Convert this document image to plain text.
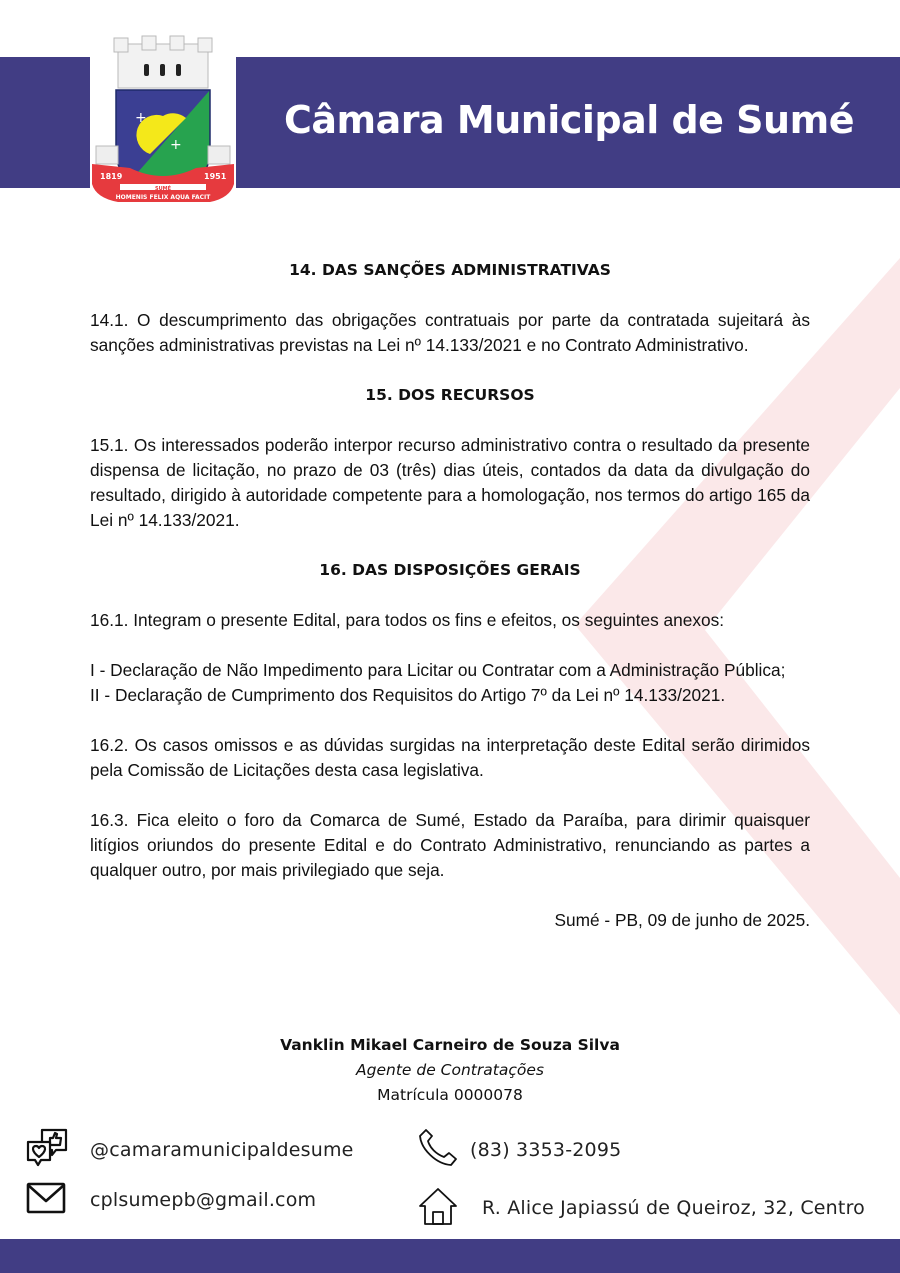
+
+
1819	1951
SUMÉ
HOMENIS FELIX AQUA FACIT
Câmara Municipal de Sumé
14. DAS SANÇÕES ADMINISTRATIVAS

14.1. O descumprimento das obrigações contratuais por parte da contratada sujeitará às sanções administrativas previstas na Lei nº 14.133/2021 e no Contrato Administrativo.

15. DOS RECURSOS

15.1. Os interessados poderão interpor recurso administrativo contra o resultado da presente dispensa de licitação, no prazo de 03 (três) dias úteis, contados da data da divulgação do resultado, dirigido à autoridade competente para a homologação, nos termos do artigo 165 da Lei nº 14.133/2021.

16. DAS DISPOSIÇÕES GERAIS

16.1. Integram o presente Edital, para todos os fins e efeitos, os seguintes anexos:

I - Declaração de Não Impedimento para Licitar ou Contratar com a Administração Pública;

II - Declaração de Cumprimento dos Requisitos do Artigo 7º da Lei nº 14.133/2021.

16.2. Os casos omissos e as dúvidas surgidas na interpretação deste Edital serão dirimidos pela Comissão de Licitações desta casa legislativa.

16.3. Fica eleito o foro da Comarca de Sumé, Estado da Paraíba, para dirimir quaisquer litígios oriundos do presente Edital e do Contrato Administrativo, renunciando as partes a qualquer outro, por mais privilegiado que seja.

Sumé - PB, 09 de junho de 2025.

Vanklin Mikael Carneiro de Souza Silva
Agente de Contratações
Matrícula 0000078
@camaramunicipaldesume
cplsumepb@gmail.com
(83) 3353-2095
R. Alice Japiassú de Queiroz, 32, Centro
